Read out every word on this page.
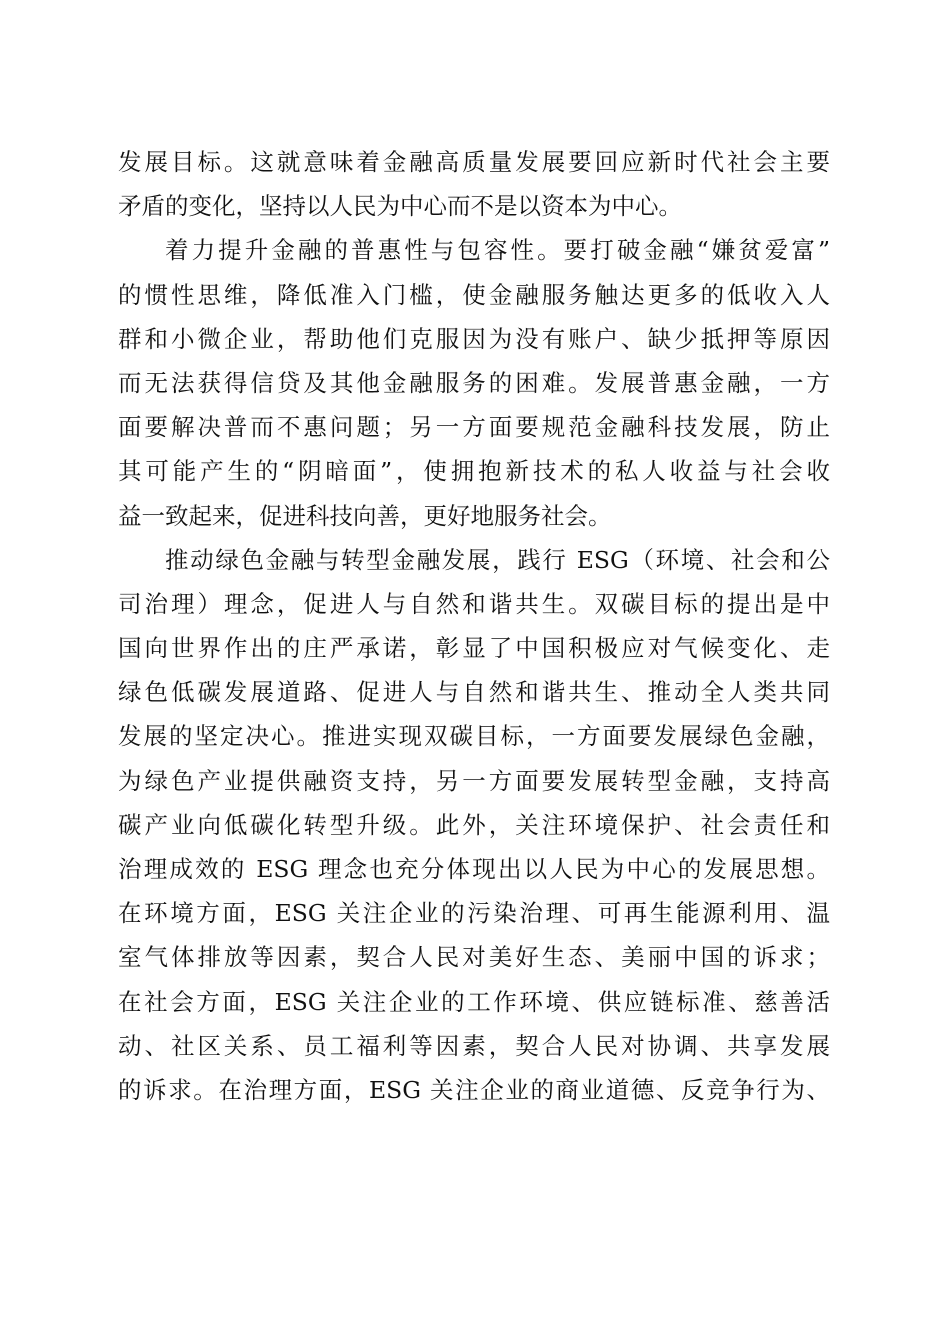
发展目标。这就意味着金融高质量发展要回应新时代社会主要
矛盾的变化，坚持以人民为中心而不是以资本为中心。
着力提升金融的普惠性与包容性。要打破金融“嫌贫爱富”
的惯性思维，降低准入门槛，使金融服务触达更多的低收入人
群和小微企业，帮助他们克服因为没有账户、缺少抵押等原因
而无法获得信贷及其他金融服务的困难。发展普惠金融，一方
面要解决普而不惠问题；另一方面要规范金融科技发展，防止
其可能产生的“阴暗面”，使拥抱新技术的私人收益与社会收
益一致起来，促进科技向善，更好地服务社会。
推动绿色金融与转型金融发展，践行 ESG（环境、社会和公
司治理）理念，促进人与自然和谐共生。双碳目标的提出是中
国向世界作出的庄严承诺，彰显了中国积极应对气候变化、走
绿色低碳发展道路、促进人与自然和谐共生、推动全人类共同
发展的坚定决心。推进实现双碳目标，一方面要发展绿色金融，
为绿色产业提供融资支持，另一方面要发展转型金融，支持高
碳产业向低碳化转型升级。此外，关注环境保护、社会责任和
治理成效的 ESG 理念也充分体现出以人民为中心的发展思想。
在环境方面，ESG 关注企业的污染治理、可再生能源利用、温
室气体排放等因素，契合人民对美好生态、美丽中国的诉求；
在社会方面，ESG 关注企业的工作环境、供应链标准、慈善活
动、社区关系、员工福利等因素，契合人民对协调、共享发展
的诉求。在治理方面，ESG 关注企业的商业道德、反竞争行为、
